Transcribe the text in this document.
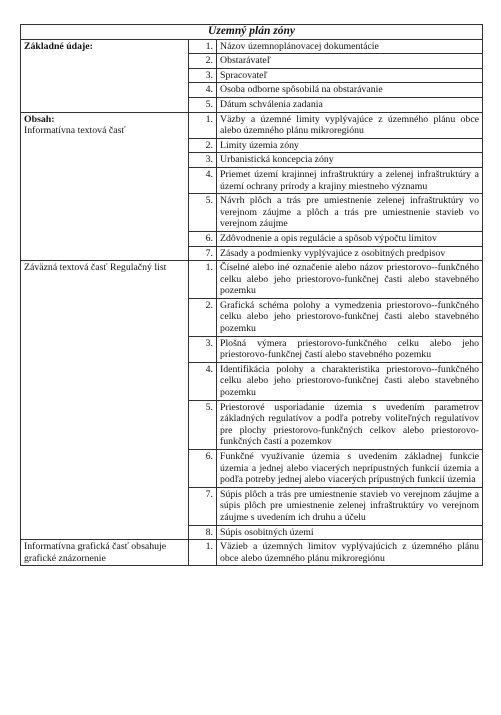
Územný plán zóny		

Základné údaje:	1.	Názov územnoplánovacej dokumentácie
	2.	Obstarávateľ
	3.	Spracovateľ
	4.	Osoba odborne spôsobilá na obstarávanie
	5.	Dátum schválenia zadania

Obsah:
Informatívna textová časť	1.	Väzby a územné limity vyplývajúce z územného plánu obce alebo územného plánu mikroregiónu
	2.	Limity územia zóny
	3.	Urbanistická koncepcia zóny
	4.	Priemet území krajinnej infraštruktúry a zelenej infraštruktúry a území ochrany prírody a krajiny miestneho významu
	5.	Návrh plôch a trás pre umiestnenie zelenej infraštruktúry vo verejnom záujme a plôch a trás pre umiestnenie stavieb vo verejnom záujme
	6.	Zdôvodnenie a opis regulácie a spôsob výpočtu limitov
	7.	Zásady a podmienky vyplývajúce z osobitných predpisov

Záväzná textová časť Regulačný list	1.	Číselné alebo iné označenie alebo názov priestorovo--funkčného celku alebo jeho priestorovo-funkčnej časti alebo stavebného pozemku
	2.	Grafická schéma polohy a vymedzenia priestorovo--funkčného celku alebo jeho priestorovo-funkčnej časti alebo stavebného pozemku
	3.	Plošná výmera priestorovo-funkčného celku alebo jeho priestorovo-funkčnej časti alebo stavebného pozemku
	4.	Identifikácia polohy a charakteristika priestorovo--funkčného celku alebo jeho priestorovo-funkčnej časti alebo stavebného pozemku
	5.	Priestorové usporiadanie územia s uvedením parametrov základných regulatívov a podľa potreby voliteľných regulatívov pre plochy priestorovo-funkčných celkov alebo priestorovo-funkčných častí a pozemkov
	6.	Funkčné využívanie územia s uvedením základnej funkcie územia a jednej alebo viacerých neprípustných funkcií územia a podľa potreby jednej alebo viacerých prípustných funkcií územia
	7.	Súpis plôch a trás pre umiestnenie stavieb vo verejnom záujme a súpis plôch pre umiestnenie zelenej infraštruktúry vo verejnom záujme s uvedením ich druhu a účelu
	8.	Súpis osobitných území

Informatívna grafická časť obsahuje grafické znázornenie	1.	Väzieb a územných limitov vyplývajúcich z územného plánu obce alebo územného plánu mikroregiónu
